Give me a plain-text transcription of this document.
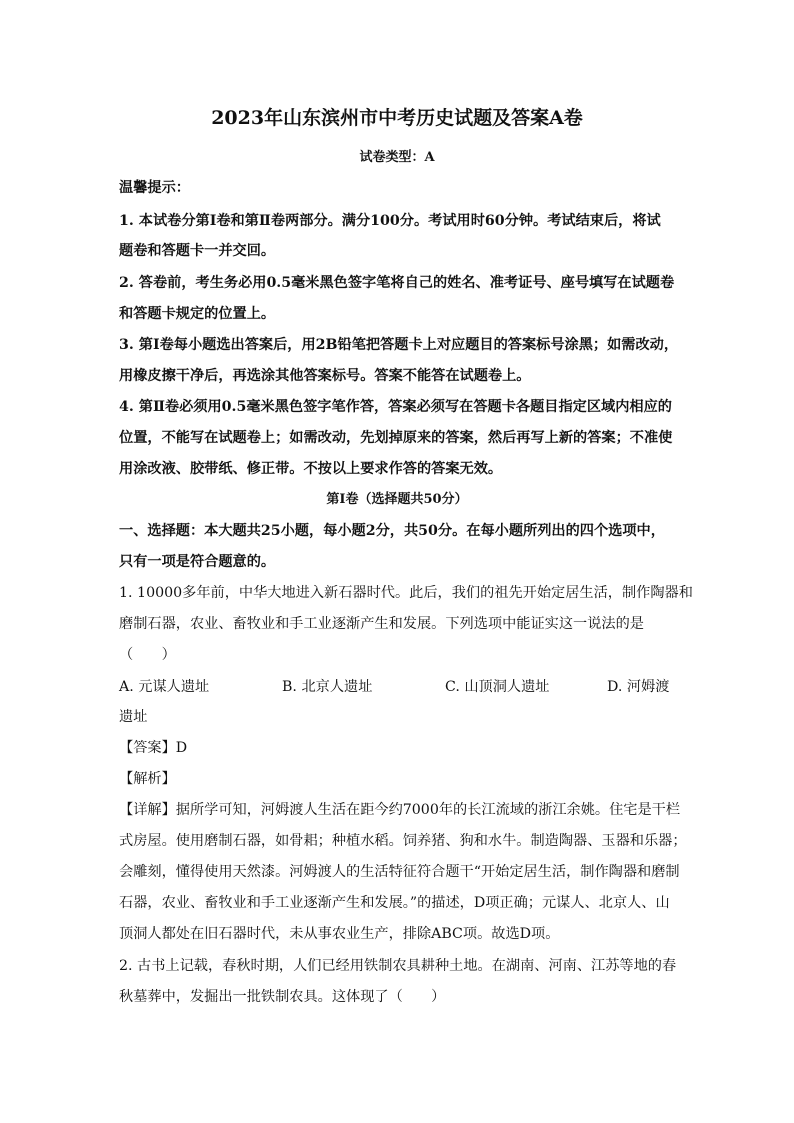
2023年山东滨州市中考历史试题及答案A卷
试卷类型：A
温馨提示：
1. 本试卷分第Ⅰ卷和第Ⅱ卷两部分。满分100分。考试用时60分钟。考试结束后，将试
题卷和答题卡一并交回。
2. 答卷前，考生务必用0.5毫米黑色签字笔将自己的姓名、准考证号、座号填写在试题卷
和答题卡规定的位置上。
3. 第Ⅰ卷每小题选出答案后，用2B铅笔把答题卡上对应题目的答案标号涂黑；如需改动，
用橡皮擦干净后，再选涂其他答案标号。答案不能答在试题卷上。
4. 第Ⅱ卷必须用0.5毫米黑色签字笔作答，答案必须写在答题卡各题目指定区域内相应的
位置，不能写在试题卷上；如需改动，先划掉原来的答案，然后再写上新的答案；不准使
用涂改液、胶带纸、修正带。不按以上要求作答的答案无效。
第Ⅰ卷（选择题共50分）
一、选择题：本大题共25小题，每小题2分，共50分。在每小题所列出的四个选项中，
只有一项是符合题意的。
1. 10000多年前，中华大地进入新石器时代。此后，我们的祖先开始定居生活，制作陶器和
磨制石器，农业、畜牧业和手工业逐渐产生和发展。下列选项中能证实这一说法的是
（　　）
A. 元谋人遗址	B. 北京人遗址	C. 山顶洞人遗址	D. 河姆渡
遗址
【答案】D
【解析】
【详解】据所学可知，河姆渡人生活在距今约7000年的长江流域的浙江余姚。住宅是干栏
式房屋。使用磨制石器，如骨耜；种植水稻。饲养猪、狗和水牛。制造陶器、玉器和乐器；
会雕刻，懂得使用天然漆。河姆渡人的生活特征符合题干“开始定居生活，制作陶器和磨制
石器，农业、畜牧业和手工业逐渐产生和发展。”的描述，D项正确；元谋人、北京人、山
顶洞人都处在旧石器时代，未从事农业生产，排除ABC项。故选D项。
2. 古书上记载，春秋时期，人们已经用铁制农具耕种土地。在湖南、河南、江苏等地的春
秋墓葬中，发掘出一批铁制农具。这体现了（　　）
